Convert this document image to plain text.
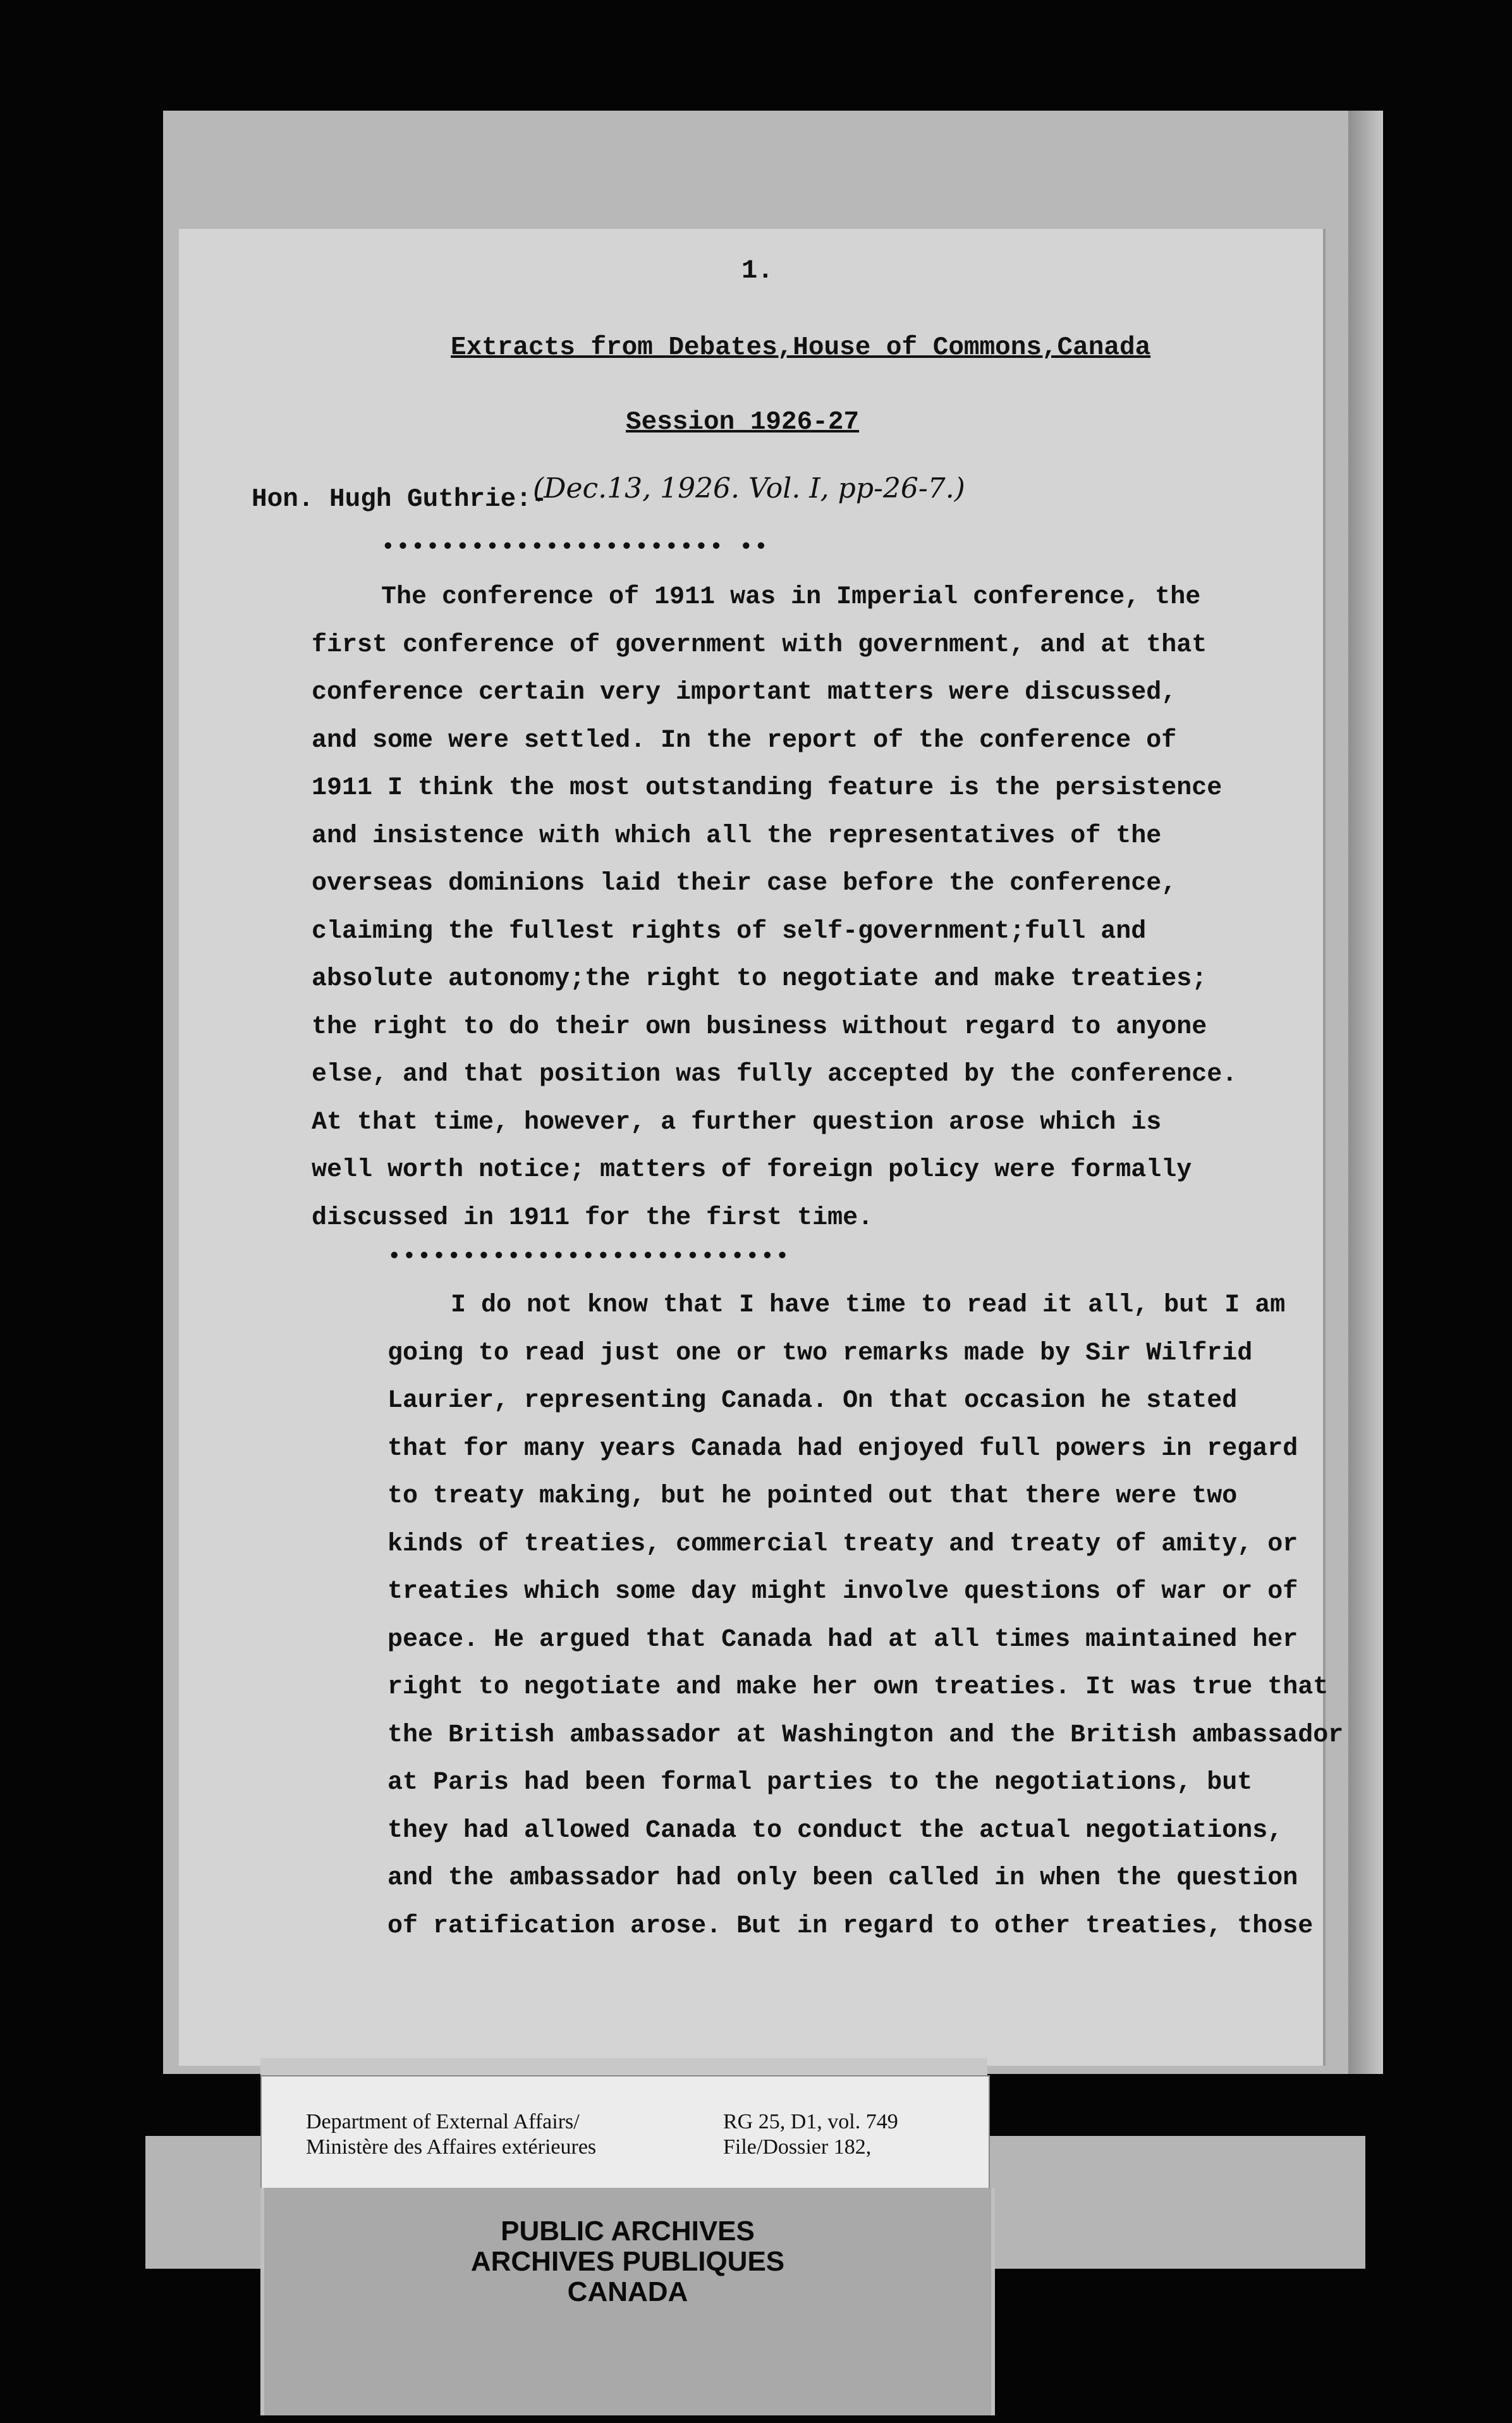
1.
Extracts from Debates,House of Commons,Canada
Session 1926-27
Hon. Hugh Guthrie:-
(Dec.13, 1926. Vol. I, pp-26-7.)
••••••••••••••••••••••• ••
The conference of 1911 was in Imperial conference, the
first conference of government with government, and at that
conference certain very important matters were discussed,
and some were settled. In the report of the conference of
1911 I think the most outstanding feature is the persistence
and insistence with which all the representatives of the
overseas dominions laid their case before the conference,
claiming the fullest rights of self-government;full and
absolute autonomy;the right to negotiate and make treaties;
the right to do their own business without regard to anyone
else, and that position was fully accepted by the conference.
At that time, however, a further question arose which is
well worth notice; matters of foreign policy were formally
discussed in 1911 for the first time.
•••••••••••••••••••••••••••
I do not know that I have time to read it all, but I am
going to read just one or two remarks made by Sir Wilfrid
Laurier, representing Canada. On that occasion he stated
that for many years Canada had enjoyed full powers in regard
to treaty making, but he pointed out that there were two
kinds of treaties, commercial treaty and treaty of amity, or
treaties which some day might involve questions of war or of
peace. He argued that Canada had at all times maintained her
right to negotiate and make her own treaties. It was true that
the British ambassador at Washington and the British ambassador
at Paris had been formal parties to the negotiations, but
they had allowed Canada to conduct the actual negotiations,
and the ambassador had only been called in when the question
of ratification arose. But in regard to other treaties, those
Department of External Affairs/
Ministère des Affaires extérieures
RG 25, D1, vol. 749
File/Dossier 182,
PUBLIC ARCHIVES
ARCHIVES PUBLIQUES
CANADA
